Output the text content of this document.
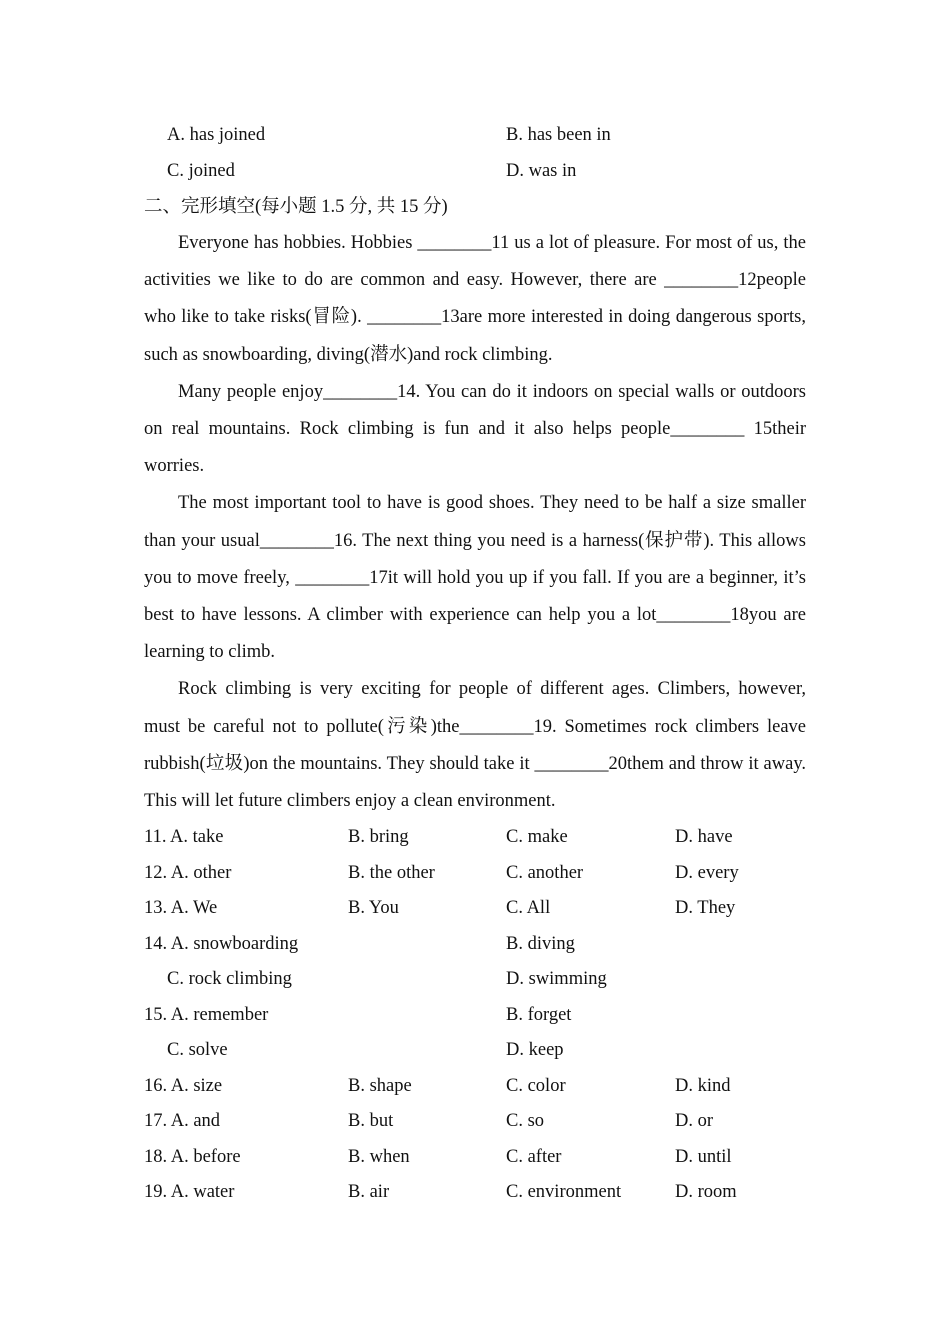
A. has joined	B. has been in
C. joined	D. was in
二、完形填空(每小题 1.5 分, 共 15 分)

Everyone has hobbies. Hobbies ________11 us a lot of pleasure. For most of us, the activities we like to do are common and easy. However, there are ________12people who like to take risks(冒险). ________13are more interested in doing dangerous sports, such as snowboarding, diving(潜水)and rock climbing.

Many people enjoy________14. You can do it indoors on special walls or outdoors on real mountains. Rock climbing is fun and it also helps people________ 15their worries.

The most important tool to have is good shoes. They need to be half a size smaller than your usual________16. The next thing you need is a harness(保护带). This allows you to move freely, ________17it will hold you up if you fall. If you are a beginner, it’s best to have lessons. A climber with experience can help you a lot________18you are learning to climb.

Rock climbing is very exciting for people of different ages. Climbers, however, must be careful not to pollute(污染)the________19. Sometimes rock climbers leave rubbish(垃圾)on the mountains. They should take it ________20them and throw it away. This will let future climbers enjoy a clean environment.

11. A. take	B. bring	C. make	D. have
12. A. other	B. the other	C. another	D. every
13. A. We	B. You	C. All	D. They
14. A. snowboarding	B. diving
C. rock climbing	D. swimming
15. A. remember	B. forget
C. solve	D. keep
16. A. size	B. shape	C. color	D. kind
17. A. and	B. but	C. so	D. or
18. A. before	B. when	C. after	D. until
19. A. water	B. air	C. environment	D. room
